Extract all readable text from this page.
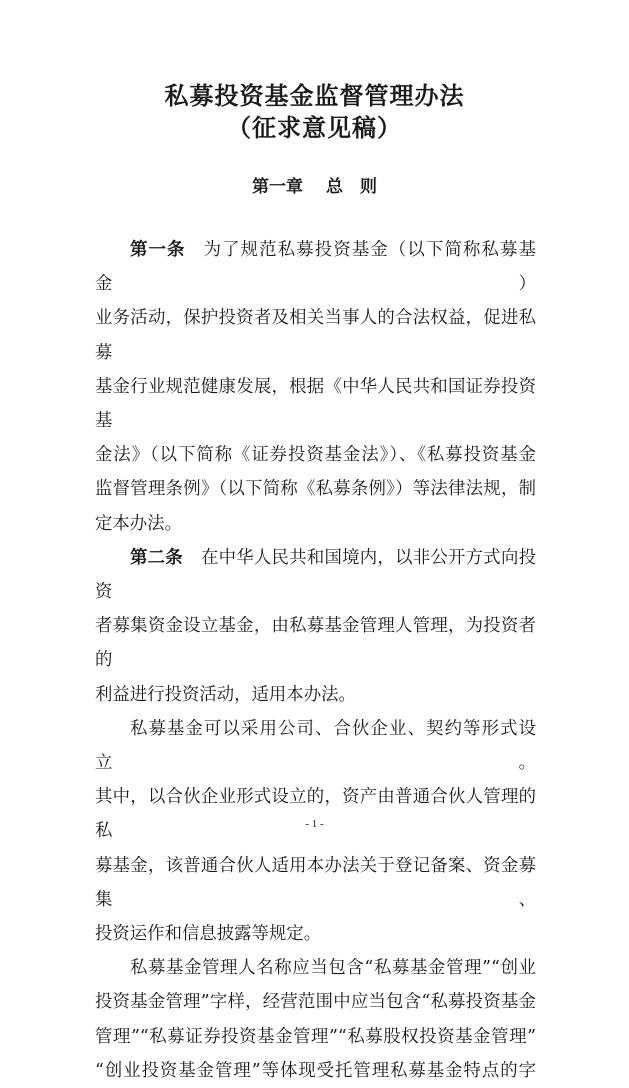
私募投资基金监督管理办法
（征求意见稿）
第一章　 总　则

第一条 为了规范私募投资基金（以下简称私募基金）

业务活动，保护投资者及相关当事人的合法权益，促进私募

基金行业规范健康发展，根据《中华人民共和国证券投资基

金法》（以下简称《证券投资基金法》）、《私募投资基金

监督管理条例》（以下简称《私募条例》）等法律法规，制

定本办法。

第二条 在中华人民共和国境内，以非公开方式向投资

者募集资金设立基金，由私募基金管理人管理，为投资者的

利益进行投资活动，适用本办法。

私募基金可以采用公司、合伙企业、契约等形式设立。

其中，以合伙企业形式设立的，资产由普通合伙人管理的私

募基金，该普通合伙人适用本办法关于登记备案、资金募集、

投资运作和信息披露等规定。

私募基金管理人名称应当包含“私募基金管理”“创业

投资基金管理”字样，经营范围中应当包含“私募投资基金

管理”“私募证券投资基金管理”“私募股权投资基金管理”

“创业投资基金管理”等体现受托管理私募基金特点的字

- 1 -
